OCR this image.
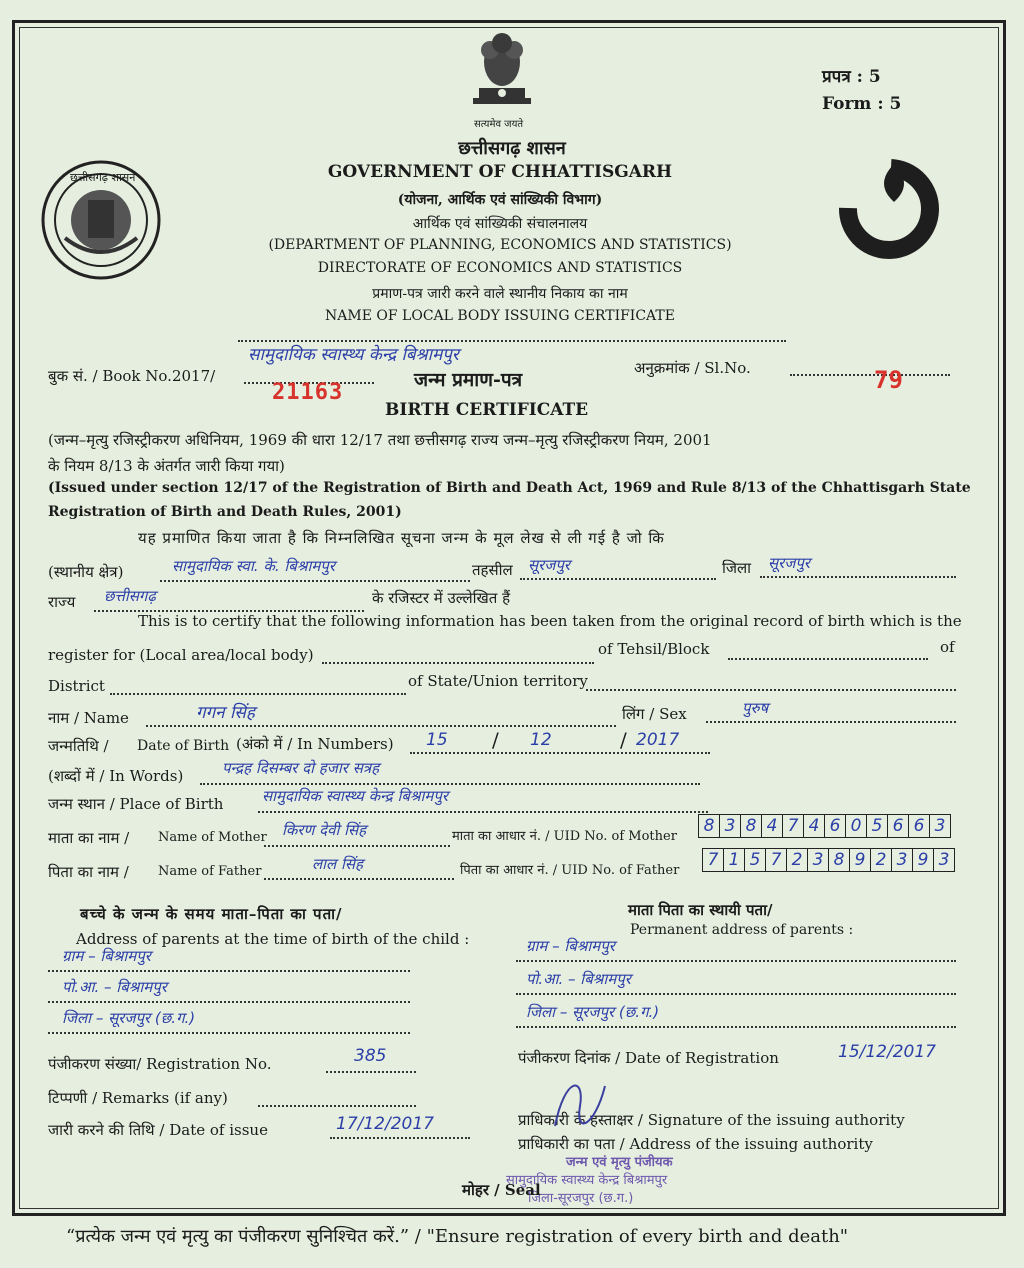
सत्यमेव जयते
छत्तीसगढ़ शासन
प्रपत्र : 5
Form : 5
छत्तीसगढ़ शासन
GOVERNMENT OF CHHATTISGARH
(योजना, आर्थिक एवं सांख्यिकी विभाग)
आर्थिक एवं सांख्यिकी संचालनालय
(DEPARTMENT OF PLANNING, ECONOMICS AND STATISTICS)
DIRECTORATE OF ECONOMICS AND STATISTICS
प्रमाण-पत्र जारी करने वाले स्थानीय निकाय का नाम
NAME OF LOCAL BODY ISSUING CERTIFICATE
सामुदायिक स्वास्थ्य केन्द्र बिश्रामपुर
बुक सं. / Book No.2017/
21163	जन्म प्रमाण-पत्र
BIRTH CERTIFICATE
अनुक्रमांक / Sl.No.	79
(जन्म–मृत्यु रजिस्ट्रीकरण अधिनियम, 1969 की धारा 12/17 तथा छत्तीसगढ़ राज्य जन्म–मृत्यु रजिस्ट्रीकरण नियम, 2001
के नियम 8/13 के अंतर्गत जारी किया गया)
(Issued under section 12/17 of the Registration of Birth and Death Act, 1969 and Rule 8/13 of the Chhattisgarh State
Registration of Birth and Death Rules, 2001)
यह प्रमाणित किया जाता है कि निम्नलिखित सूचना जन्म के मूल लेख से ली गई है जो कि
(स्थानीय क्षेत्र)	सामुदायिक स्वा. के. बिश्रामपुर	तहसील सूरजपुर	जिला सूरजपुर
राज्य छत्तीसगढ़	के रजिस्टर में उल्लेखित हैं
This is to certify that the following information has been taken from the original record of birth which is the
register for (Local area/local body)	of Tehsil/Block	of
District	of State/Union territory
नाम / Name	गगन सिंह	लिंग / Sex	पुरुष
जन्मतिथि / Date of Birth (अंको में / In Numbers) 15 / 12	/ 2017
(शब्दों में / In Words)	पन्द्रह दिसम्बर दो हजार सत्रह
जन्म स्थान / Place of Birth	सामुदायिक स्वास्थ्य केन्द्र बिश्रामपुर
माता का नाम / Name of Mother किरण देवी सिंह	माता का आधार नं. / UID No. of Mother
8 3 8 4 7 4 6 0 5 6 6 3
पिता का नाम / Name of Father	लाल सिंह	पिता का आधार नं. / UID No. of Father
7 1 5 7 2 3 8 9 2 3 9 3
बच्चे के जन्म के समय माता–पिता का पता/
Address of parents at the time of birth of the child :
माता पिता का स्थायी पता/
Permanent address of parents :
ग्राम – बिश्रामपुर
पो.आ. – बिश्रामपुर
जिला – सूरजपुर (छ.ग.)
ग्राम – बिश्रामपुर
पो.आ. – बिश्रामपुर
जिला – सूरजपुर (छ.ग.)
पंजीकरण संख्या/ Registration No.	385	पंजीकरण दिनांक / Date of Registration	15/12/2017
टिप्पणी / Remarks (if any)
जारी करने की तिथि / Date of issue	17/12/2017	प्राधिकारी के हस्ताक्षर / Signature of the issuing authority
प्राधिकारी का पता / Address of the issuing authority
जन्म एवं मृत्यु पंजीयक
सामुदायिक स्वास्थ्य केन्द्र बिश्रामपुर
जिला-सूरजपुर (छ.ग.)
मोहर / Seal
“प्रत्येक जन्म एवं मृत्यु का पंजीकरण सुनिश्चित करें.” / "Ensure registration of every birth and death"
